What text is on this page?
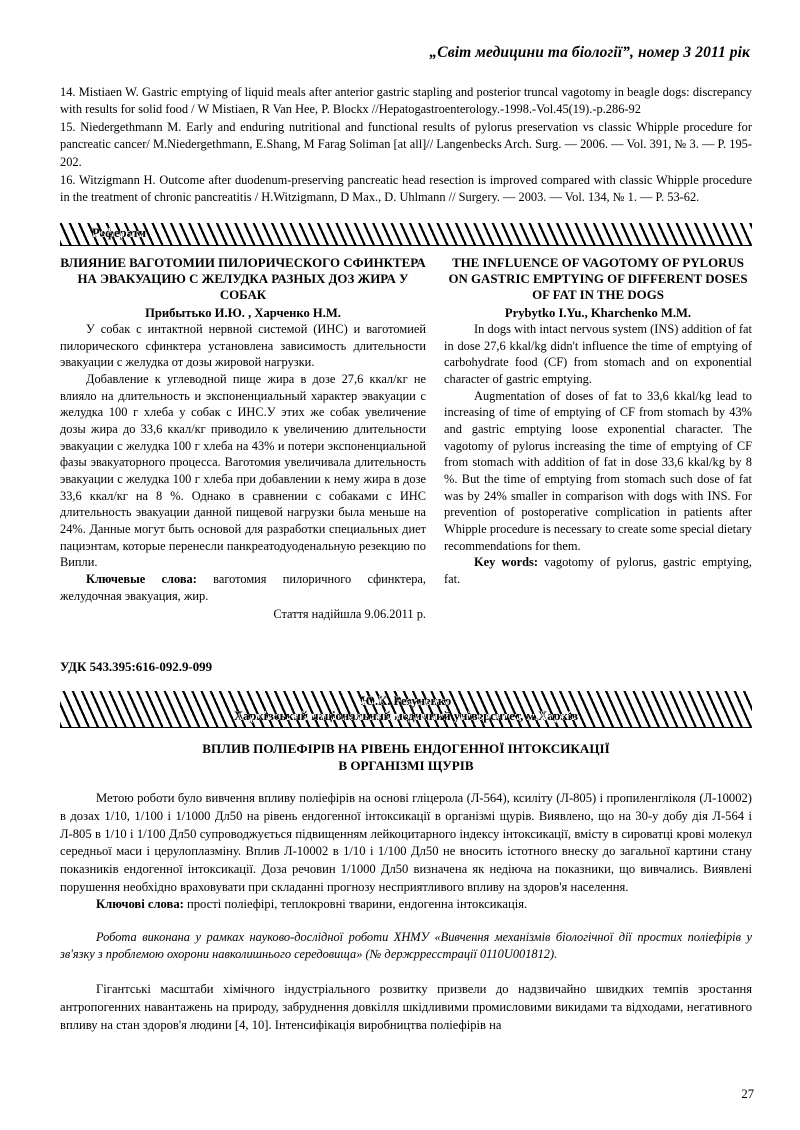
„Світ медицини та біології”, номер 3 2011 рік

14. Mistiaen W. Gastric emptying of liquid meals after anterior gastric stapling and posterior truncal vagotomy in beagle dogs: discrepancy with results for solid food / W Mistiaen, R Van Hee, P. Blockx //Hepatogastroenterology.-1998.-Vol.45(19).-p.286-92

15. Niedergethmann M. Early and enduring nutritional and functional results of pylorus preservation vs classic Whipple procedure for pancreatic cancer/ M.Niedergethmann, E.Shang, M Farag Soliman [at all]// Langenbecks Arch. Surg. — 2006. — Vol. 391, № 3. — P. 195-202.

16. Witzigmann H. Outcome after duodenum-preserving pancreatic head resection is improved compared with classic Whipple procedure in the treatment of chronic pancreatitis / H.Witzigmann, D Max., D. Uhlmann // Surgery. — 2003. — Vol. 134, № 1. — P. 53-62.

Реферати

ВЛИЯНИЕ ВАГОТОМИИ ПИЛОРИЧЕСКОГО СФИНКТЕРА НА ЭВАКУАЦИЮ С ЖЕЛУДКА РАЗНЫХ ДОЗ ЖИРА У СОБАК

Прибытько И.Ю. , Харченко Н.М.

У собак с интактной нервной системой (ИНС) и ваготомией пилорического сфинктера установлена зависимость длительности эвакуации с желудка от дозы жировой нагрузки.

Добавление к углеводной пище жира в дозе 27,6 ккал/кг не влияло на длительность и экспоненциальный характер эвакуации с желудка 100 г хлеба у собак с ИНС.У этих же собак увеличение дозы жира до 33,6 ккал/кг приводило к увеличению длительности эвакуации с желудка 100 г хлеба на 43% и потери экспоненциальной фазы эвакуаторного процесса. Ваготомия увеличивала длительность эвакуации с желудка 100 г хлеба при добавлении к нему жира в дозе 33,6 ккал/кг на 8 %. Однако в сравнении с собаками с ИНС длительность эвакуации данной пищевой нагрузки была меньше на 24%. Данные могут быть основой для разработки специальных диет пациэнтам, которые перенесли панкреатодуоденальную резекцию по Випли.

Ключевые слова: ваготомия пилоричного сфинктера, желудочная эвакуация, жир.

Стаття надійшла 9.06.2011 р.

THE INFLUENCE OF VAGOTOMY OF PYLORUS ON GASTRIC EMPTYING OF DIFFERENT DOSES OF FAT IN THE DOGS

Prybytko I.Yu., Kharchenko M.M.

In dogs with intact nervous system (INS) addition of fat in dose 27,6 kkal/kg didn't influence the time of emptying of carbohydrate food (CF) from stomach and on exponential character of gastric emptying.

Augmentation of doses of fat to 33,6 kkal/kg lead to increasing of time of emptying of CF from stomach by 43% and gastric emptying loose exponential character. The vagotomy of pylorus increasing the time of emptying of CF from stomach with addition of fat in dose 33,6 kkal/kg by 8 %. But the time of emptying from stomach such dose of fat was by 24% smaller in comparison with dogs with INS. For prevention of postoperative complication in patients after Whipple procedure is necessary to create some special dietary recommendations for them.

Key words: vagotomy of pylorus, gastric emptying, fat.

УДК 543.395:616-092.9-099
Ю.К. Резуненко
Харківський національний медичний університет, м.Харків

ВПЛИВ ПОЛІЕФІРІВ НА РІВЕНЬ ЕНДОГЕННОЇ ІНТОКСИКАЦІЇ
В ОРГАНІЗМІ ЩУРІВ

Метою роботи було вивчення впливу поліефірів на основі гліцерола (Л-564), ксиліту (Л-805) і пропиленгліколя (Л-10002) в дозах 1/10, 1/100 і 1/1000 Дл50 на рівень ендогенної інтоксикації в організмі щурів. Виявлено, що на 30-у добу дія Л-564 і Л-805 в 1/10 і 1/100 Дл50 супроводжується підвищенням лейкоцитарного індексу інтоксикації, вмісту в сироватці крові молекул середньої маси і церулоплазміну. Вплив Л-10002 в 1/10 і 1/100 Дл50 не вносить істотного внеску до загальної картини стану показників ендогенної інтоксикації. Доза речовин 1/1000 Дл50 визначена як недіюча на показники, що вивчались. Виявлені порушення необхідно враховувати при складанні прогнозу несприятливого впливу на здоров'я населення.

Ключові слова: прості поліефірі, теплокровні тварини, ендогенна інтоксикація.

Робота виконана у рамках науково-дослідної роботи ХНМУ «Вивчення механізмів біологічної дії простих поліефірів у зв'язку з проблемою охорони навколишнього середовища» (№ держрресстрації 0110U001812).

Гігантські масштаби хімічного індустріального розвитку призвели до надзвичайно швидких темпів зростання антропогенних навантажень на природу, забруднення довкілля шкідливими промисловими викидами та відходами, негативного впливу на стан здоров'я людини [4, 10]. Інтенсифікація виробництва поліефірів на

27
